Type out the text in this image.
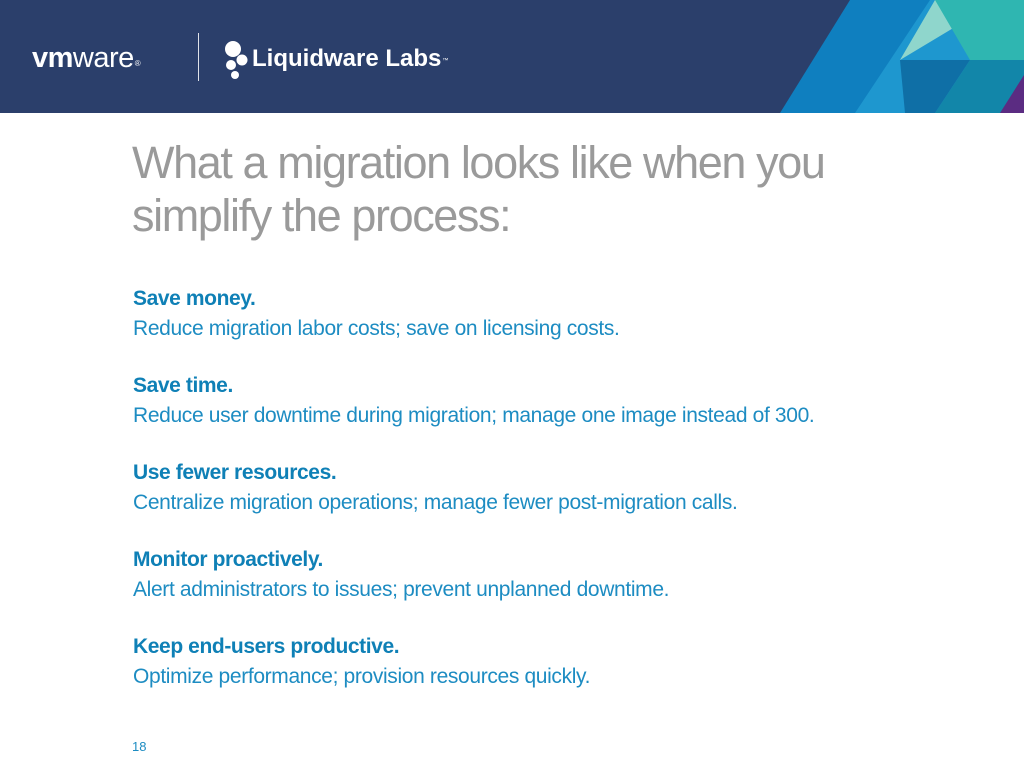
vmware®	Liquidware Labs™
What a migration looks like when you simplify the process:
Save money.
Reduce migration labor costs; save on licensing costs.
Save time.
Reduce user downtime during migration; manage one image instead of 300.
Use fewer resources.
Centralize migration operations; manage fewer post-migration calls.
Monitor proactively.
Alert administrators to issues; prevent unplanned downtime.
Keep end-users productive.
Optimize performance; provision resources quickly.
18
